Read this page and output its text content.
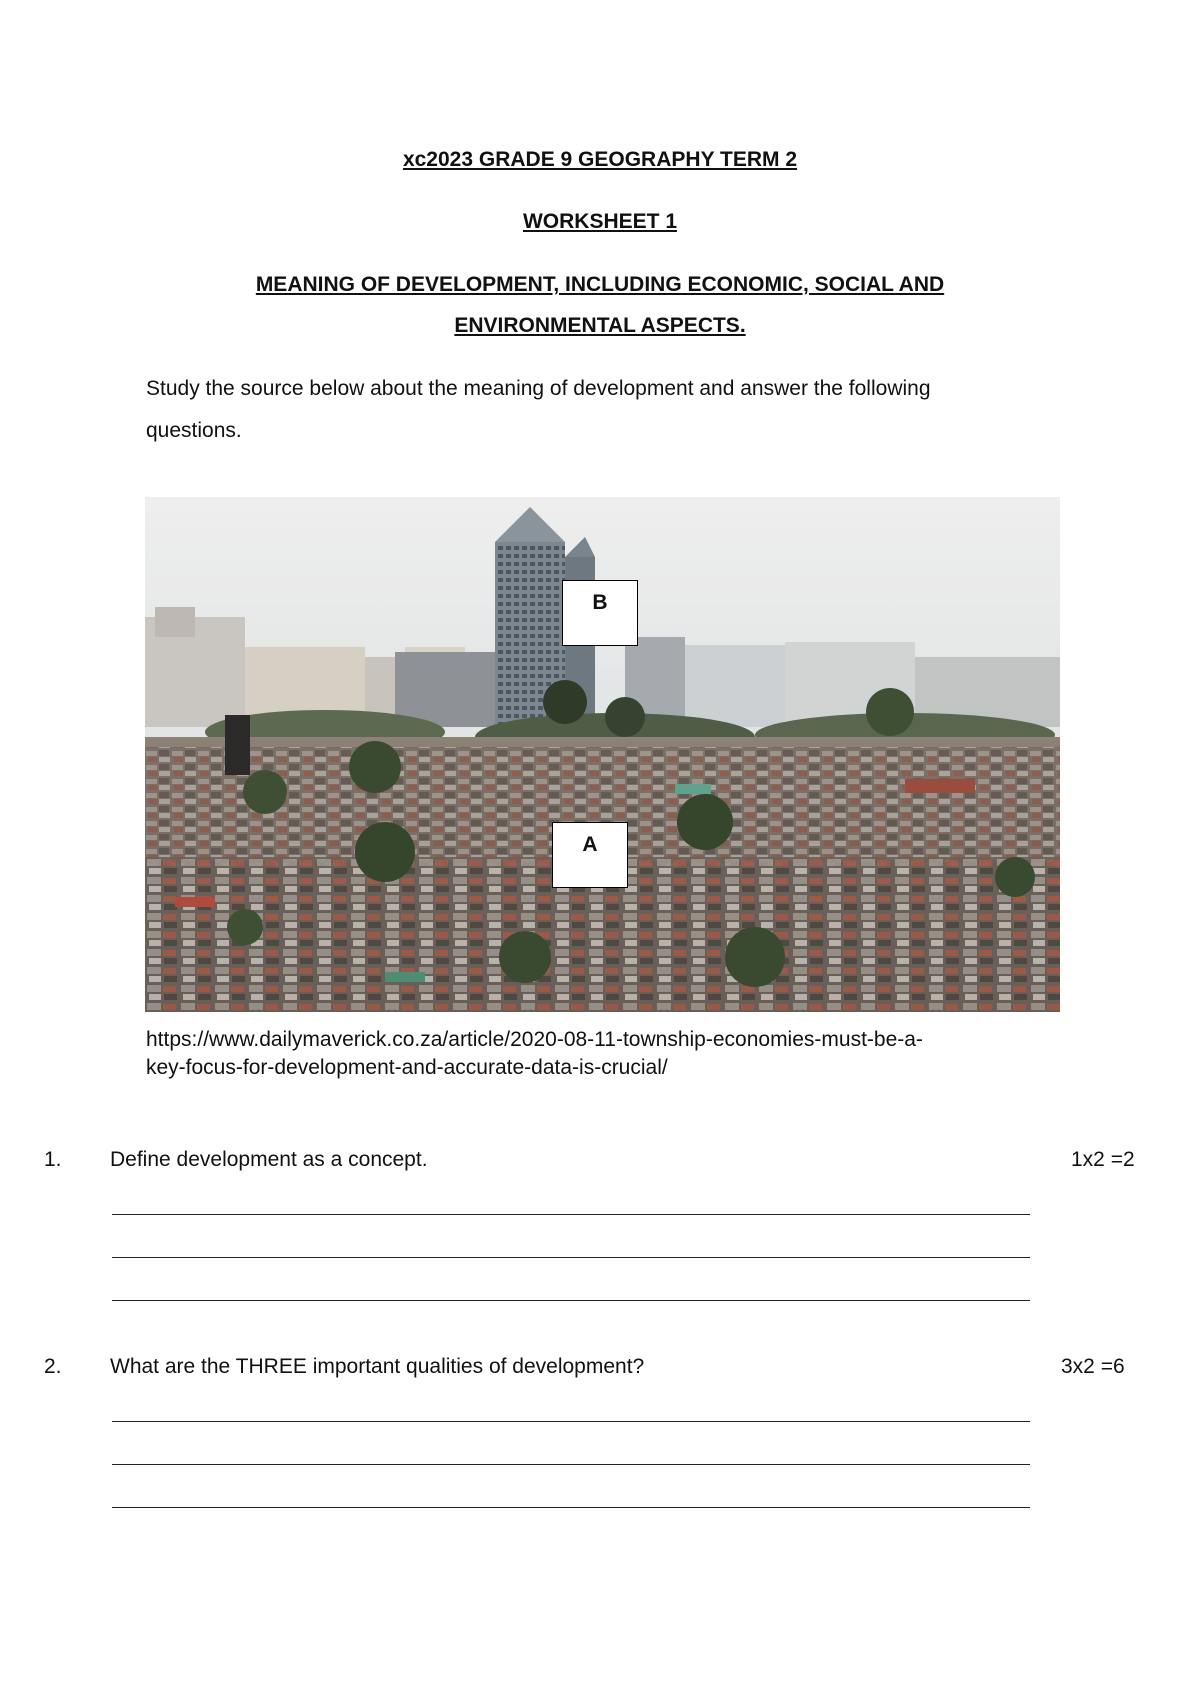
xc2023 GRADE 9 GEOGRAPHY TERM 2
WORKSHEET 1
MEANING OF DEVELOPMENT, INCLUDING ECONOMIC, SOCIAL AND
ENVIRONMENTAL ASPECTS.
Study the source below about the meaning of development and answer the following
questions.
B
A
https://www.dailymaverick.co.za/article/2020-08-11-township-economies-must-be-a-
key-focus-for-development-and-accurate-data-is-crucial/
1. Define development as a concept.	1x2 =2
2. What are the THREE important qualities of development?	3x2 =6
